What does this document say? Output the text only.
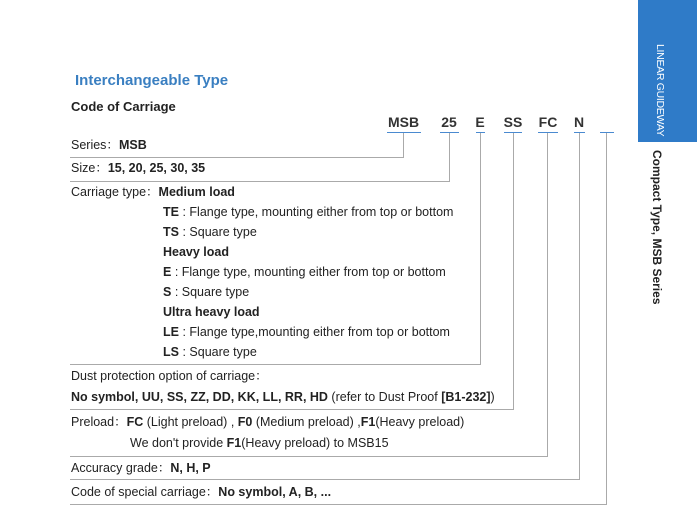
LINEAR GUIDEWAY
Compact Type, MSB Series
Interchangeable Type
Code of Carriage
MSB 25 E SS FC N
Series：MSB
Size：15, 20, 25, 30, 35
Carriage type：Medium load
TE : Flange type, mounting either from top or bottom
TS : Square type
Heavy load
E : Flange type, mounting either from top or bottom
S : Square type
Ultra heavy load
LE : Flange type,mounting either from top or bottom
LS : Square type
Dust protection option of carriage：
No symbol, UU, SS, ZZ, DD, KK, LL, RR, HD (refer to Dust Proof [B1-232])
Preload：FC (Light preload) , F0 (Medium preload) ,F1(Heavy preload)
We don't provide F1(Heavy preload) to MSB15
Accuracy grade：N, H, P
Code of special carriage：No symbol, A, B, ...
